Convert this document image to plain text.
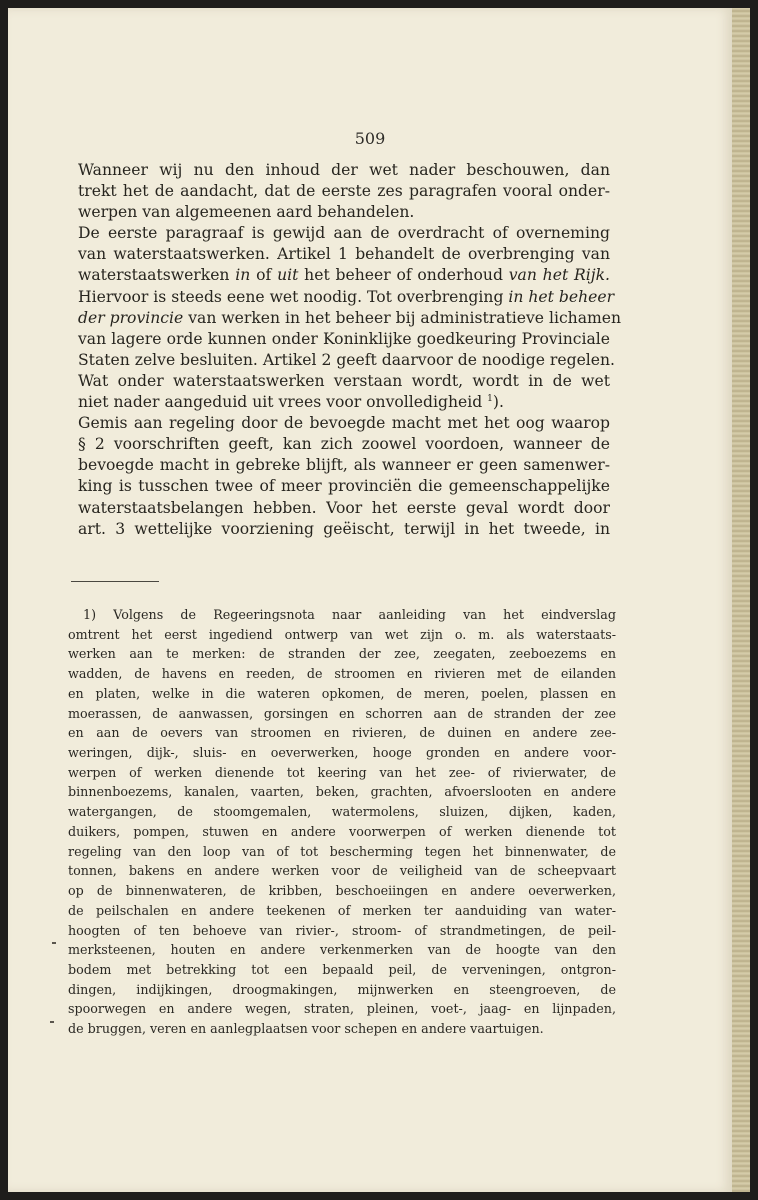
509
Wanneer wij nu den inhoud der wet nader beschouwen, dan
trekt het de aandacht, dat de eerste zes paragrafen vooral onder-
werpen van algemeenen aard behandelen.
De eerste paragraaf is gewijd aan de overdracht of overneming
van waterstaatswerken. Artikel 1 behandelt de overbrenging van
waterstaatswerken in of uit het beheer of onderhoud van het Rijk.
Hiervoor is steeds eene wet noodig. Tot overbrenging in het beheer
der provincie van werken in het beheer bij administratieve lichamen
van lagere orde kunnen onder Koninklijke goedkeuring Provinciale
Staten zelve besluiten. Artikel 2 geeft daarvoor de noodige regelen.
Wat onder waterstaatswerken verstaan wordt, wordt in de wet
niet nader aangeduid uit vrees voor onvolledigheid $^1$).
Gemis aan regeling door de bevoegde macht met het oog waarop
§ 2 voorschriften geeft, kan zich zoowel voordoen, wanneer de
bevoegde macht in gebreke blijft, als wanneer er geen samenwer-
king is tusschen twee of meer provinciën die gemeenschappelijke
waterstaatsbelangen hebben. Voor het eerste geval wordt door
art. 3 wettelijke voorziening geëischt, terwijl in het tweede, in
1) Volgens de Regeeringsnota naar aanleiding van het eindverslag
omtrent het eerst ingediend ontwerp van wet zijn o. m. als waterstaats-
werken aan te merken: de stranden der zee, zeegaten, zeeboezems en
wadden, de havens en reeden, de stroomen en rivieren met de eilanden
en platen, welke in die wateren opkomen, de meren, poelen, plassen en
moerassen, de aanwassen, gorsingen en schorren aan de stranden der zee
en aan de oevers van stroomen en rivieren, de duinen en andere zee-
weringen, dijk-, sluis- en oeverwerken, hooge gronden en andere voor-
werpen of werken dienende tot keering van het zee- of rivierwater, de
binnenboezems, kanalen, vaarten, beken, grachten, afvoerslooten en andere
watergangen, de stoomgemalen, watermolens, sluizen, dijken, kaden,
duikers, pompen, stuwen en andere voorwerpen of werken dienende tot
regeling van den loop van of tot bescherming tegen het binnenwater, de
tonnen, bakens en andere werken voor de veiligheid van de scheepvaart
op de binnenwateren, de kribben, beschoeiingen en andere oeverwerken,
de peilschalen en andere teekenen of merken ter aanduiding van water-
hoogten of ten behoeve van rivier-, stroom- of strandmetingen, de peil-
merksteenen, houten en andere verkenmerken van de hoogte van den
bodem met betrekking tot een bepaald peil, de verveningen, ontgron-
dingen, indijkingen, droogmakingen, mijnwerken en steengroeven, de
spoorwegen en andere wegen, straten, pleinen, voet-, jaag- en lijnpaden,
de bruggen, veren en aanlegplaatsen voor schepen en andere vaartuigen.
